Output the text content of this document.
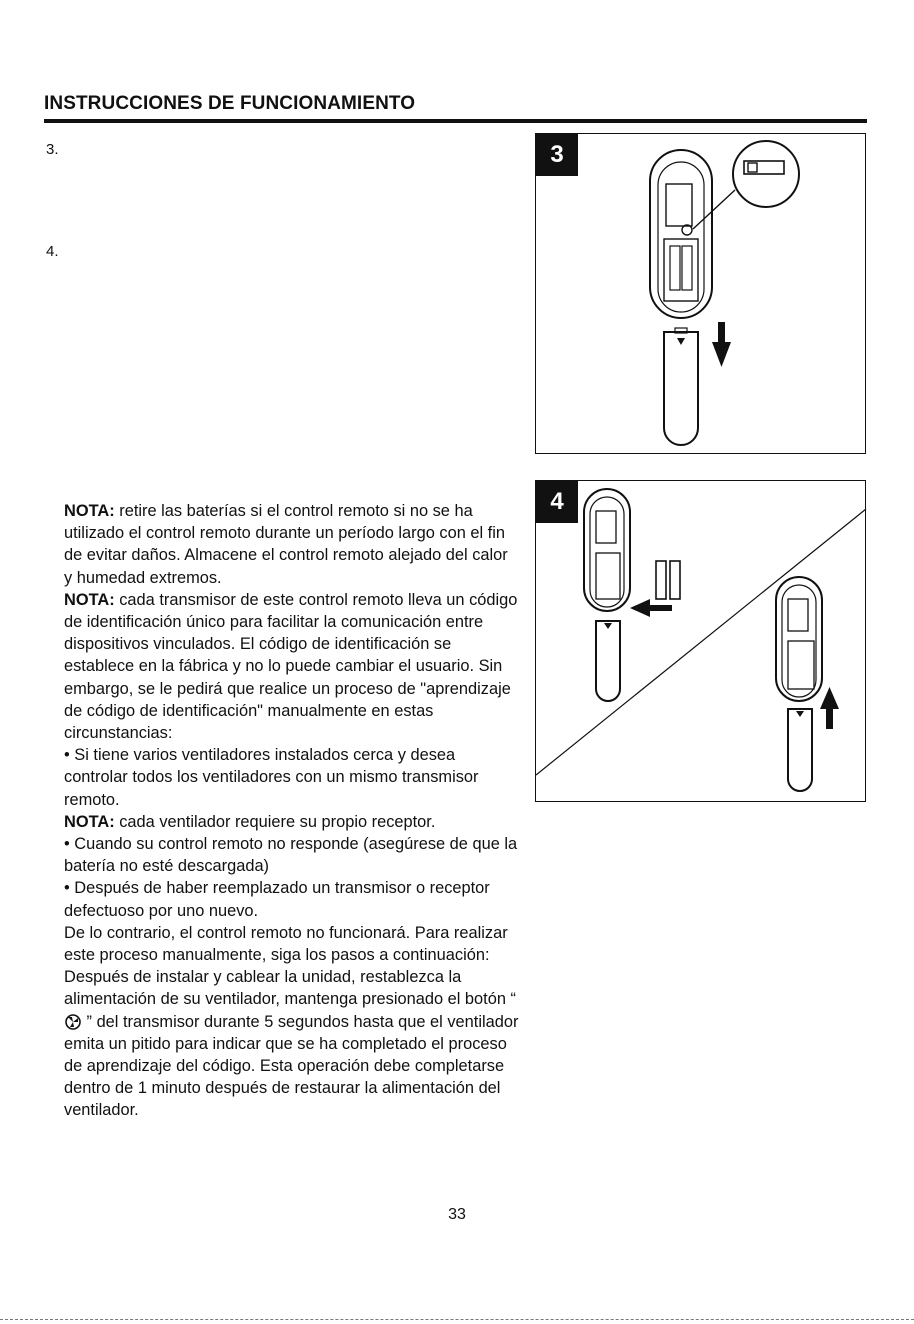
INSTRUCCIONES DE FUNCIONAMIENTO
3.
4.

NOTA: retire las baterías si el control remoto si no se ha utilizado el control remoto durante un período largo con el fin de evitar daños. Almacene el control remoto alejado del calor y humedad extremos.

NOTA: cada transmisor de este control remoto lleva un código de identificación único para facilitar la comunicación entre dispositivos vinculados. El código de identificación se establece en la fábrica y no lo puede cambiar el usuario. Sin embargo, se le pedirá que realice un proceso de "aprendizaje de código de identificación" manualmente en estas circunstancias:

• Si tiene varios ventiladores instalados cerca y desea controlar todos los ventiladores con un mismo transmisor remoto.

NOTA: cada ventilador requiere su propio receptor.

• Cuando su control remoto no responde (asegúrese de que la batería no esté descargada)

• Después de haber reemplazado un transmisor o receptor defectuoso por uno nuevo.

De lo contrario, el control remoto no funcionará. Para realizar este proceso manualmente, siga los pasos a continuación:

Después de instalar y cablear la unidad, restablezca la alimentación de su ventilador, mantenga presionado el botón “ ” del transmisor durante 5 segundos hasta que el ventilador emita un pitido para indicar que se ha completado el proceso de aprendizaje del código. Esta operación debe completarse dentro de 1 minuto después de restaurar la alimentación del ventilador.

3
4
33
